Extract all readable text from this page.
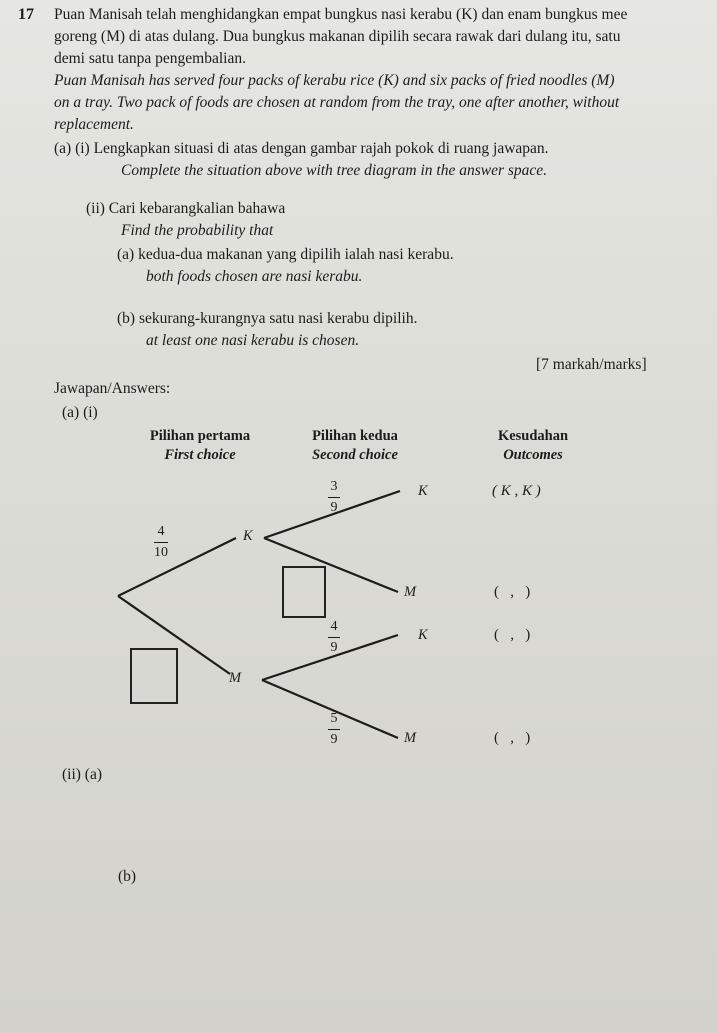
17 Puan Manisah telah menghidangkan empat bungkus nasi kerabu (K) dan enam bungkus mee
goreng (M) di atas dulang. Dua bungkus makanan dipilih secara rawak dari dulang itu, satu
demi satu tanpa pengembalian.
Puan Manisah has served four packs of kerabu rice (K) and six packs of fried noodles (M)
on a tray. Two pack of foods are chosen at random from the tray, one after another, without
replacement.
(a) (i) Lengkapkan situasi di atas dengan gambar rajah pokok di ruang jawapan.
Complete the situation above with tree diagram in the answer space.
(ii) Cari kebarangkalian bahawa
Find the probability that
(a) kedua-dua makanan yang dipilih ialah nasi kerabu.
both foods chosen are nasi kerabu.
(b) sekurang-kurangnya satu nasi kerabu dipilih.
at least one nasi kerabu is chosen.
[7 markah/marks]
Jawapan/Answers:
(a) (i)
Pilihan pertama
First choice
Pilihan kedua
Second choice
Kesudahan
Outcomes
4
10
K
M
3
9
4
9
5
9
K
M
K
M
( K , K )
(   ,   )
(   ,   )
(   ,   )
(ii) (a)
(b)
